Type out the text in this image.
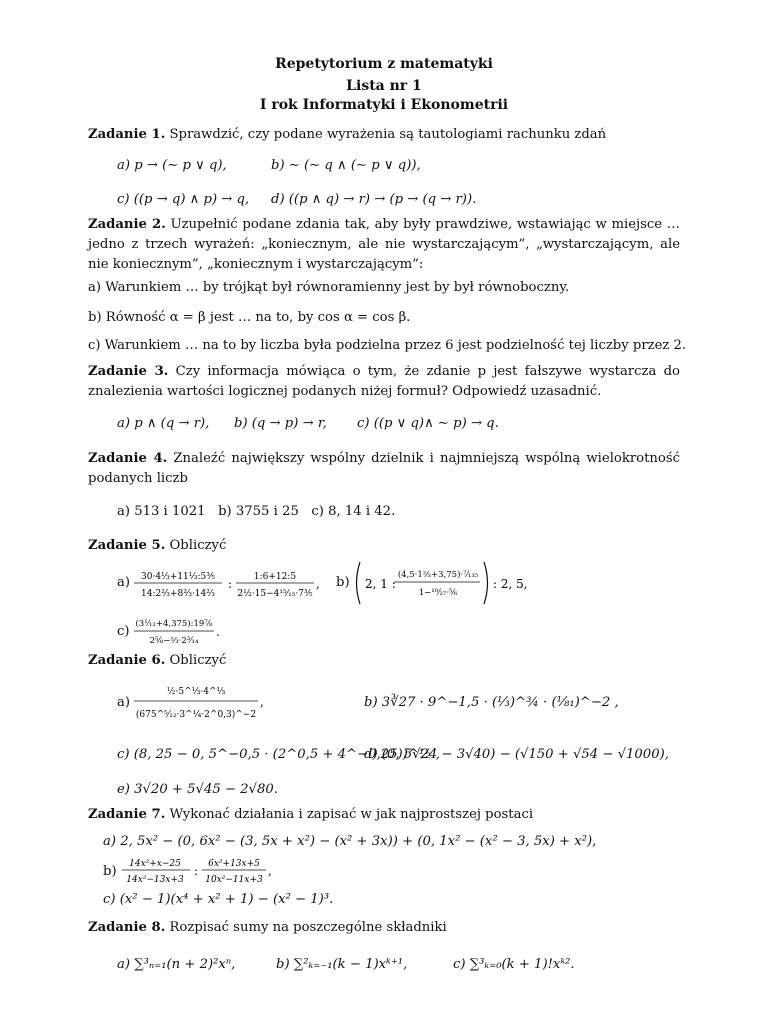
Repetytorium z matematyki
Lista nr 1
I rok Informatyki i Ekonometrii
Zadanie 1. Sprawdzić, czy podane wyrażenia są tautologiami rachunku zdań
a) p → (∼ p ∨ q),	b) ∼ (∼ q ∧ (∼ p ∨ q)),
c) ((p → q) ∧ p) → q, d) ((p ∧ q) → r) → (p → (q → r)).
Zadanie 2. Uzupełnić podane zdania tak, aby były prawdziwe, wstawiając w miejsce … jedno z trzech wyrażeń: „koniecznym, ale nie wystarczającym”, „wystarczającym, ale nie koniecznym”, „koniecznym i wystarczającym”:
a) Warunkiem … by trójkąt był równoramienny jest by był równoboczny.
b) Równość α = β jest … na to, by cos α = cos β.
c) Warunkiem … na to by liczba była podzielna przez 6 jest podzielność tej liczby przez 2.
Zadanie 3. Czy informacja mówiąca o tym, że zdanie p jest fałszywe wystarcza do znalezienia wartości logicznej podanych niżej formuł? Odpowiedź uzasadnić.
a) p ∧ (q → r), b) (q → p) → r, c) ((p ∨ q)∧ ∼ p) → q.
Zadanie 4. Znaleźć największy wspólny dzielnik i najmniejszą wspólną wielokrotność podanych liczb
a) 513 i 1021   b) 3755 i 25   c) 8, 14 i 42.
Zadanie 5. Obliczyć
a) 30·4⅓+11⅓:5⅗
14:2⅔+8⅔·14⅔
: 1:6+12:5
2½·15−4¹⁵⁄₁₅·7⅗
, b) 2, 1 :
(4,5·1⅔+3,75)·⁷⁄₁₃₅
1−¹⁰⁄₂₇·⅚
: 2, 5,
c) (3¹⁄₁₂+4,375):19⅞
2⅝−⅔·2³⁄₁₄
.
Zadanie 6. Obliczyć
a)
½·5^⅓·4^⅓
(675^⁵⁄₁₂·3^¼·2^0,3)^−2
,	b) 3∛27 · 9^−1,5 · (⅓)^¾ · (¹⁄₈₁)^−2 ,
c) (8, 25 − 0, 5^−0,5 · (2^0,5 + 4^−0,25))^½ ,
d) (0, 5√24 − 3√40) − (√150 + √54 − √1000),
e) 3√20 + 5√45 − 2√80.
Zadanie 7. Wykonać działania i zapisać w jak najprostszej postaci
a) 2, 5x² − (0, 6x² − (3, 5x + x²) − (x² + 3x)) + (0, 1x² − (x² − 3, 5x) + x²),
b) 14x²+x−25
14x²−13x+3
: 6x²+13x+5
10x²−11x+3
,
c) (x² − 1)(x⁴ + x² + 1) − (x² − 1)³.
Zadanie 8. Rozpisać sumy na poszczególne składniki
a) ∑³ₙ₌₁(n + 2)²xⁿ,	b) ∑²ₖ₌₋₁(k − 1)xᵏ⁺¹,	c) ∑³ₖ₌₀(k + 1)!xᵏ².
